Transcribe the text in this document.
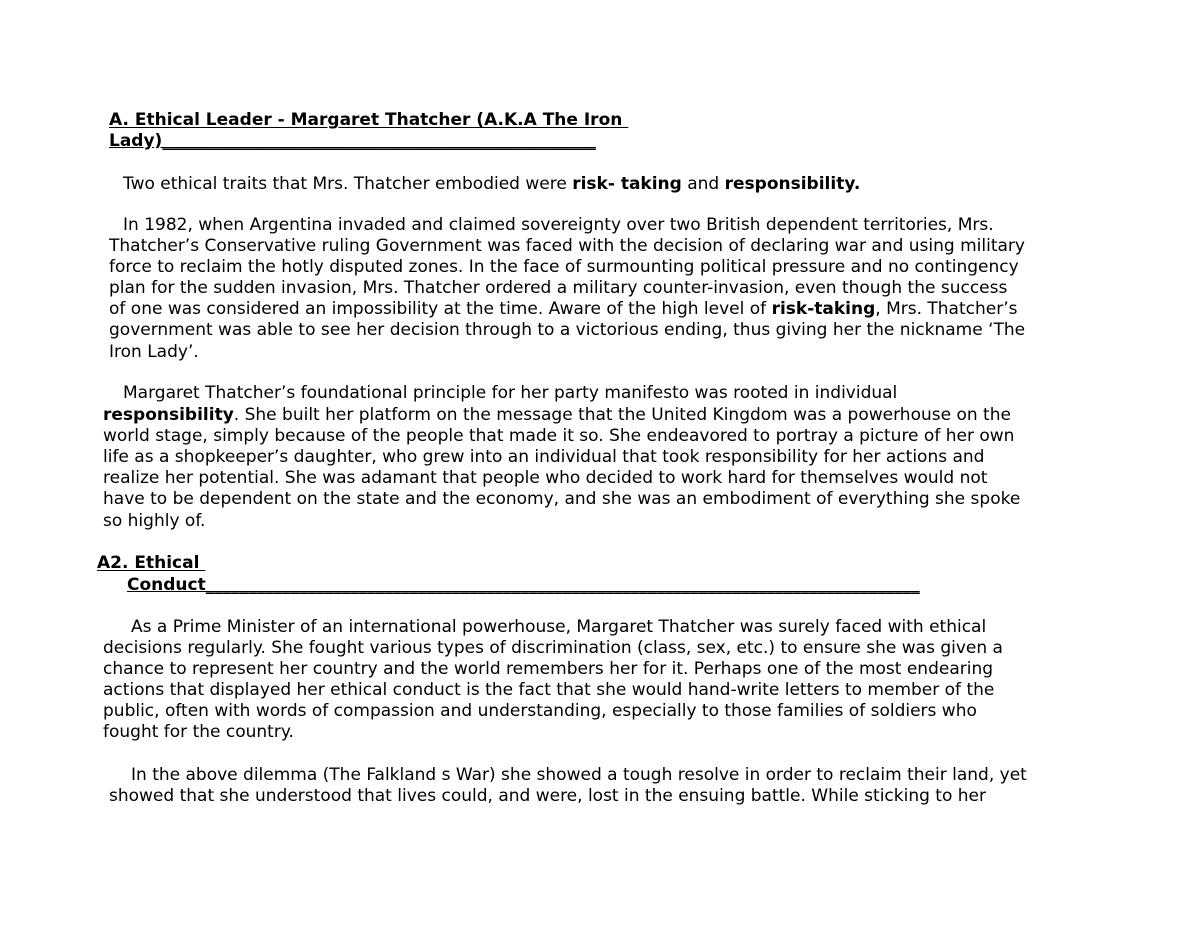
A. Ethical Leader - Margaret Thatcher (A.K.A The Iron
Lady)___________________________________________________
Two ethical traits that Mrs. Thatcher embodied were risk- taking and responsibility.
In 1982, when Argentina invaded and claimed sovereignty over two British dependent territories, Mrs.
Thatcher’s Conservative ruling Government was faced with the decision of declaring war and using military
force to reclaim the hotly disputed zones. In the face of surmounting political pressure and no contingency
plan for the sudden invasion, Mrs. Thatcher ordered a military counter-invasion, even though the success
of one was considered an impossibility at the time. Aware of the high level of risk-taking, Mrs. Thatcher’s
government was able to see her decision through to a victorious ending, thus giving her the nickname ‘The
Iron Lady’.
Margaret Thatcher’s foundational principle for her party manifesto was rooted in individual
responsibility. She built her platform on the message that the United Kingdom was a powerhouse on the
world stage, simply because of the people that made it so. She endeavored to portray a picture of her own
life as a shopkeeper’s daughter, who grew into an individual that took responsibility for her actions and
realize her potential. She was adamant that people who decided to work hard for themselves would not
have to be dependent on the state and the economy, and she was an embodiment of everything she spoke
so highly of.
A2. Ethical
Conduct____________________________________________________________________________________
As a Prime Minister of an international powerhouse, Margaret Thatcher was surely faced with ethical
decisions regularly. She fought various types of discrimination (class, sex, etc.) to ensure she was given a
chance to represent her country and the world remembers her for it. Perhaps one of the most endearing
actions that displayed her ethical conduct is the fact that she would hand-write letters to member of the
public, often with words of compassion and understanding, especially to those families of soldiers who
fought for the country.
In the above dilemma (The Falkland s War) she showed a tough resolve in order to reclaim their land, yet
showed that she understood that lives could, and were, lost in the ensuing battle. While sticking to her
